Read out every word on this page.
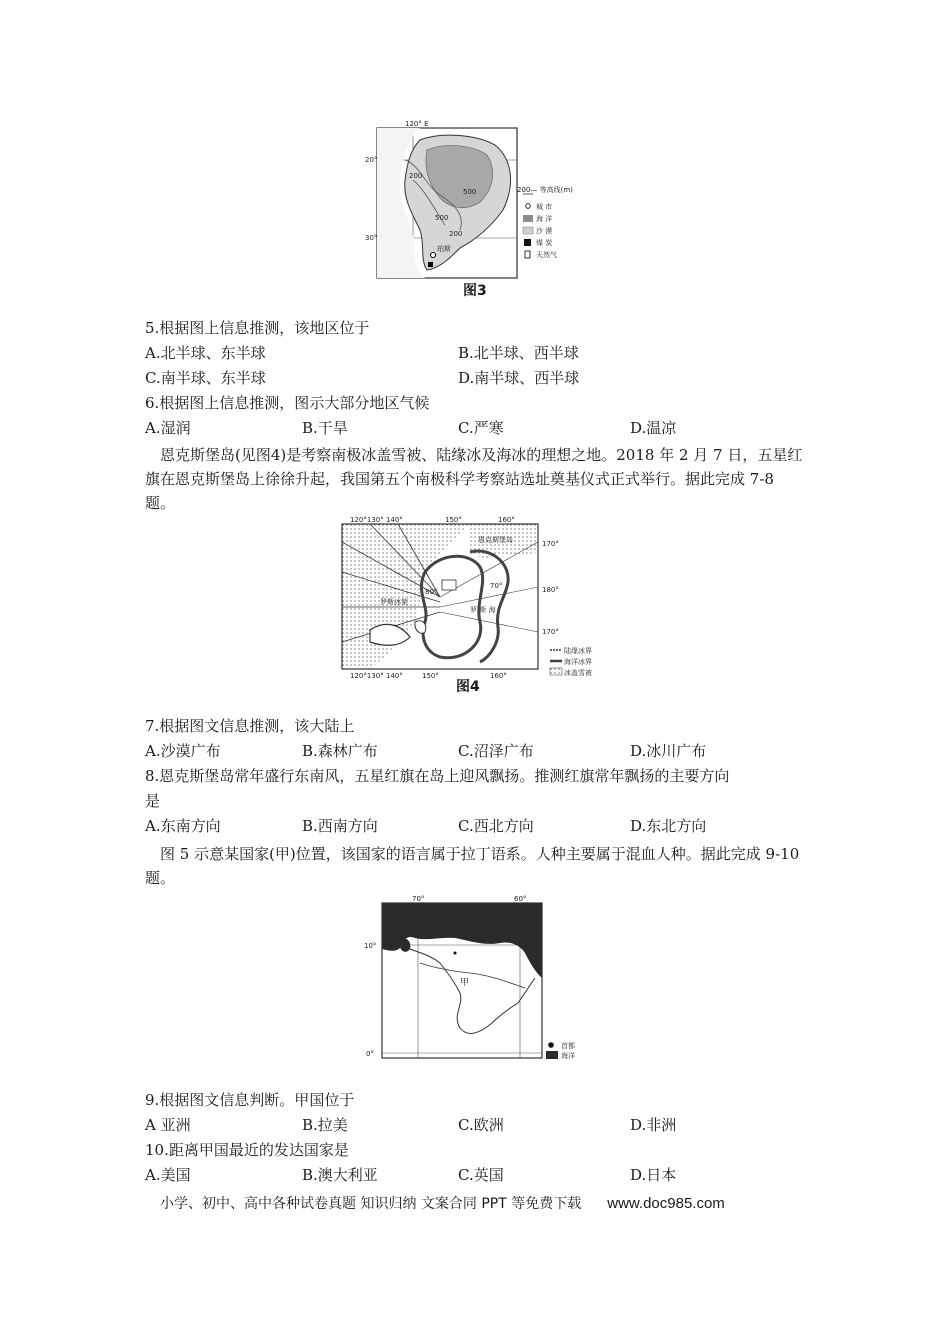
120° E
20°
30°
珀斯
500
500
200
200
200— 等高线(m)
城 市
海 洋
沙 漠
煤 炭
天然气
图3
5.根据图上信息推测，该地区位于
A.北半球、东半球	B.北半球、西半球
C.南半球、东半球	D.南半球、西半球
6.根据图上信息推测，图示大部分地区气候
A.湿润	B.干旱	C.严寒	D.温凉
恩克斯堡岛(见图4)是考察南极冰盖雪被、陆缘冰及海冰的理想之地。2018 年 2 月 7 日，五星红旗在恩克斯堡岛上徐徐升起，我国第五个南极科学考察站选址奠基仪式正式举行。据此完成 7-8 题。
120°130° 140°	150°	160°
120°130° 140°	150°	160°
170°
180°
170°
80°
70°
恩克斯堡岛
罗斯冰架
罗 斯 海
陆缘冰界
海洋冰界
冰盖雪被
图4
7.根据图文信息推测，该大陆上
A.沙漠广布	B.森林广布	C.沼泽广布	D.冰川广布
8.恩克斯堡岛常年盛行东南风，五星红旗在岛上迎风飘扬。推测红旗常年飘扬的主要方向
是
A.东南方向	B.西南方向	C.西北方向	D.东北方向
图 5 示意某国家(甲)位置，该国家的语言属于拉丁语系。人种主要属于混血人种。据此完成 9-10 题。
70°	60°
10°
0°
甲
首都
海洋
9.根据图文信息判断。甲国位于
A 亚洲	B.拉美	C.欧洲	D.非洲
10.距离甲国最近的发达国家是
A.美国	B.澳大利亚	C.英国	D.日本
小学、初中、高中各种试卷真题 知识归纳 文案合同 PPT 等免费下载 www.doc985.com
